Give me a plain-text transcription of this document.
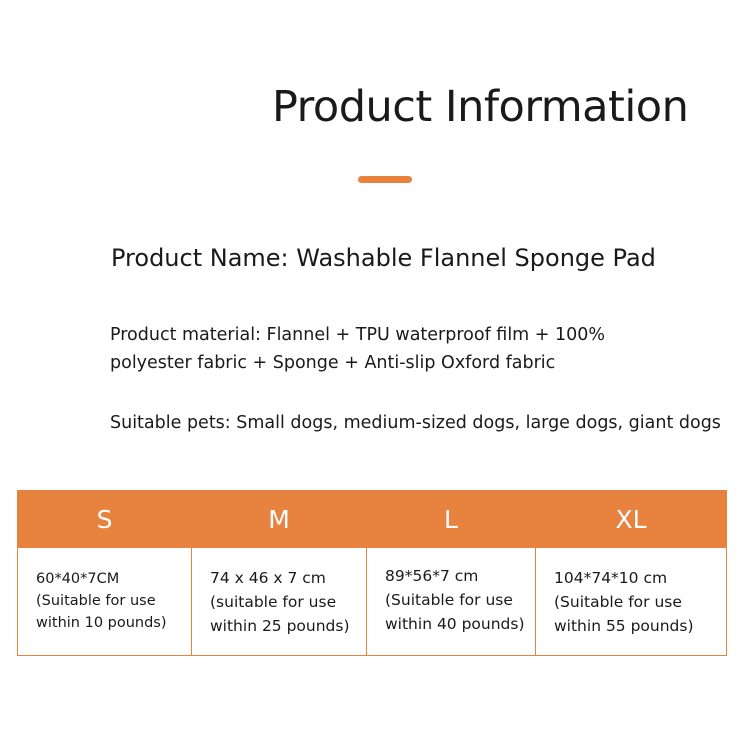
Product Information
Product Name: Washable Flannel Sponge Pad
Product material: Flannel + TPU waterproof film + 100%
polyester fabric + Sponge + Anti-slip Oxford fabric
Suitable pets: Small dogs, medium-sized dogs, large dogs, giant dogs
S
60*40*7CM
(Suitable for use
within 10 pounds)
M
74 x 46 x 7 cm
(suitable for use
within 25 pounds)
L
89*56*7 cm
(Suitable for use
within 40 pounds)
XL
104*74*10 cm
(Suitable for use
within 55 pounds)
